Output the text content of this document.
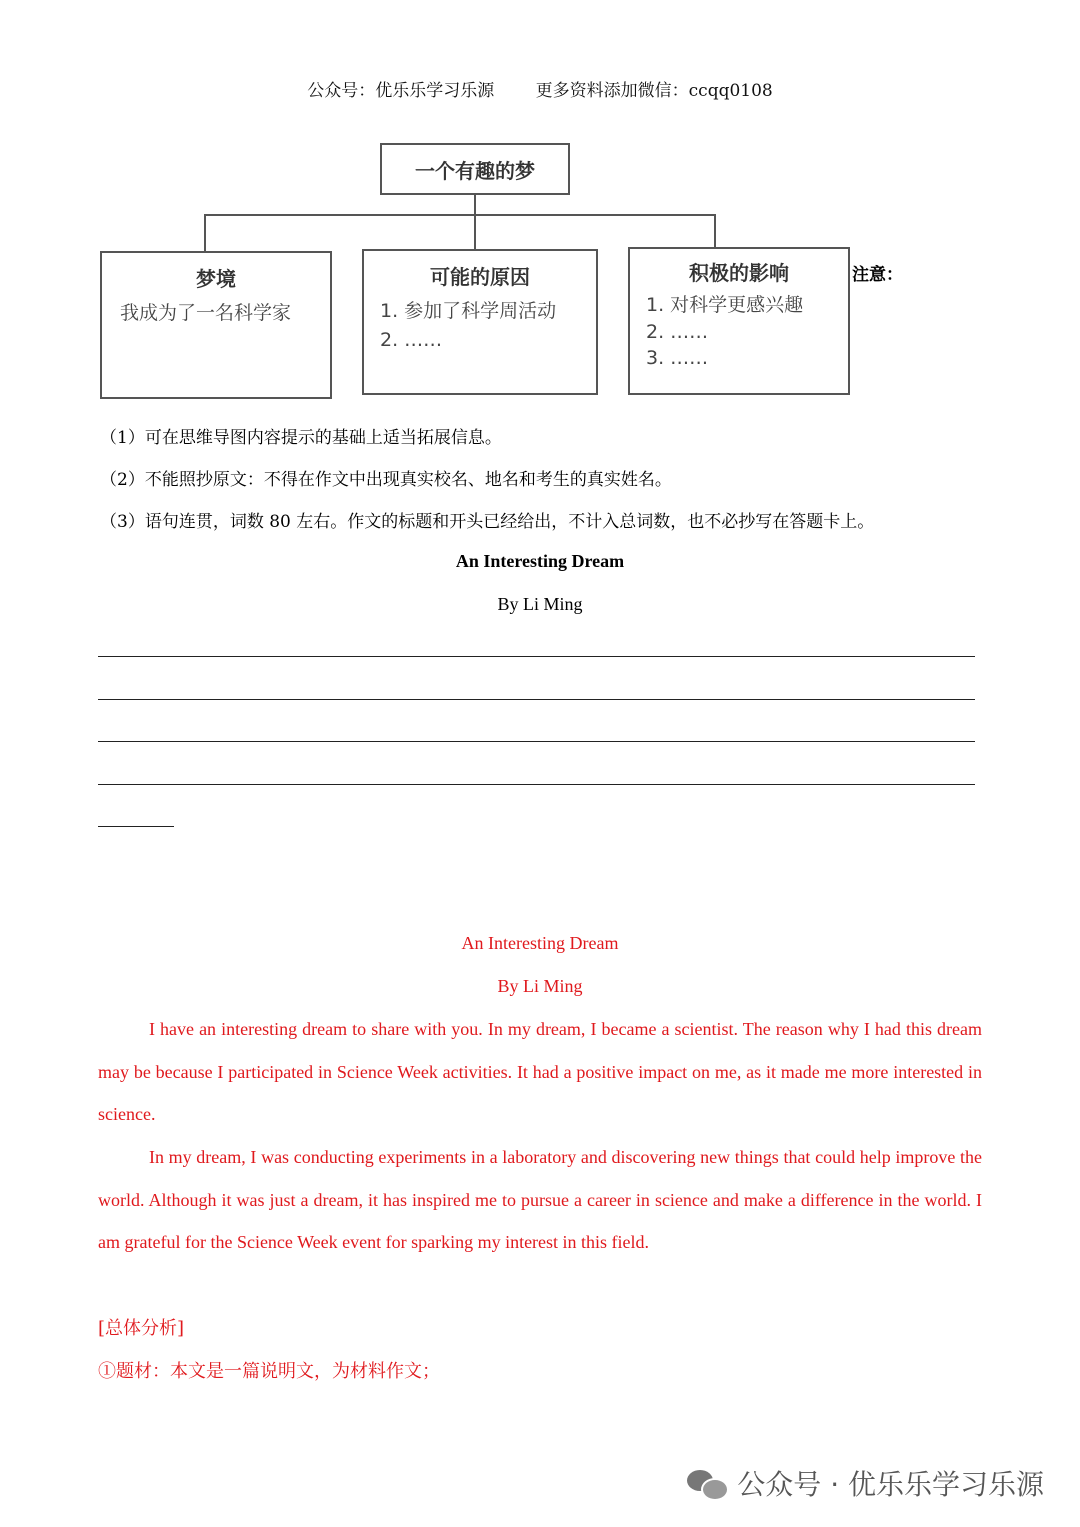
公众号：优乐乐学习乐源 更多资料添加微信：ccqq0108
一个有趣的梦
梦境
我成为了一名科学家
可能的原因
1. 参加了科学周活动
2. ……
积极的影响
1. 对科学更感兴趣
2. ……
3. ……
注意：
（1）可在思维导图内容提示的基础上适当拓展信息。
（2）不能照抄原文：不得在作文中出现真实校名、地名和考生的真实姓名。
（3）语句连贯，词数 80 左右。作文的标题和开头已经给出，不计入总词数，也不必抄写在答题卡上。
An Interesting Dream
By Li Ming
An Interesting Dream
By Li Ming
I have an interesting dream to share with you. In my dream, I became a scientist. The reason why I had this dream may be because I participated in Science Week activities. It had a positive impact on me, as it made me more interested in science.
In my dream, I was conducting experiments in a laboratory and discovering new things that could help improve the world. Although it was just a dream, it has inspired me to pursue a career in science and make a difference in the world. I am grateful for the Science Week event for sparking my interest in this field.
[总体分析]
①题材：本文是一篇说明文，为材料作文；
公众号 · 优乐乐学习乐源
